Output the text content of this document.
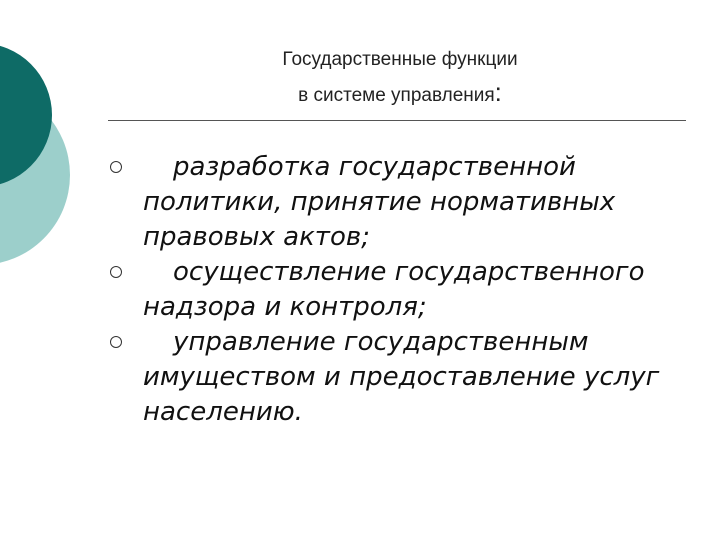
Государственные функции
в системе управления:
разработка государственной политики, принятие нормативных правовых актов;
осуществление государственного надзора и контроля;
управление государственным имуществом и предоставление услуг населению.
